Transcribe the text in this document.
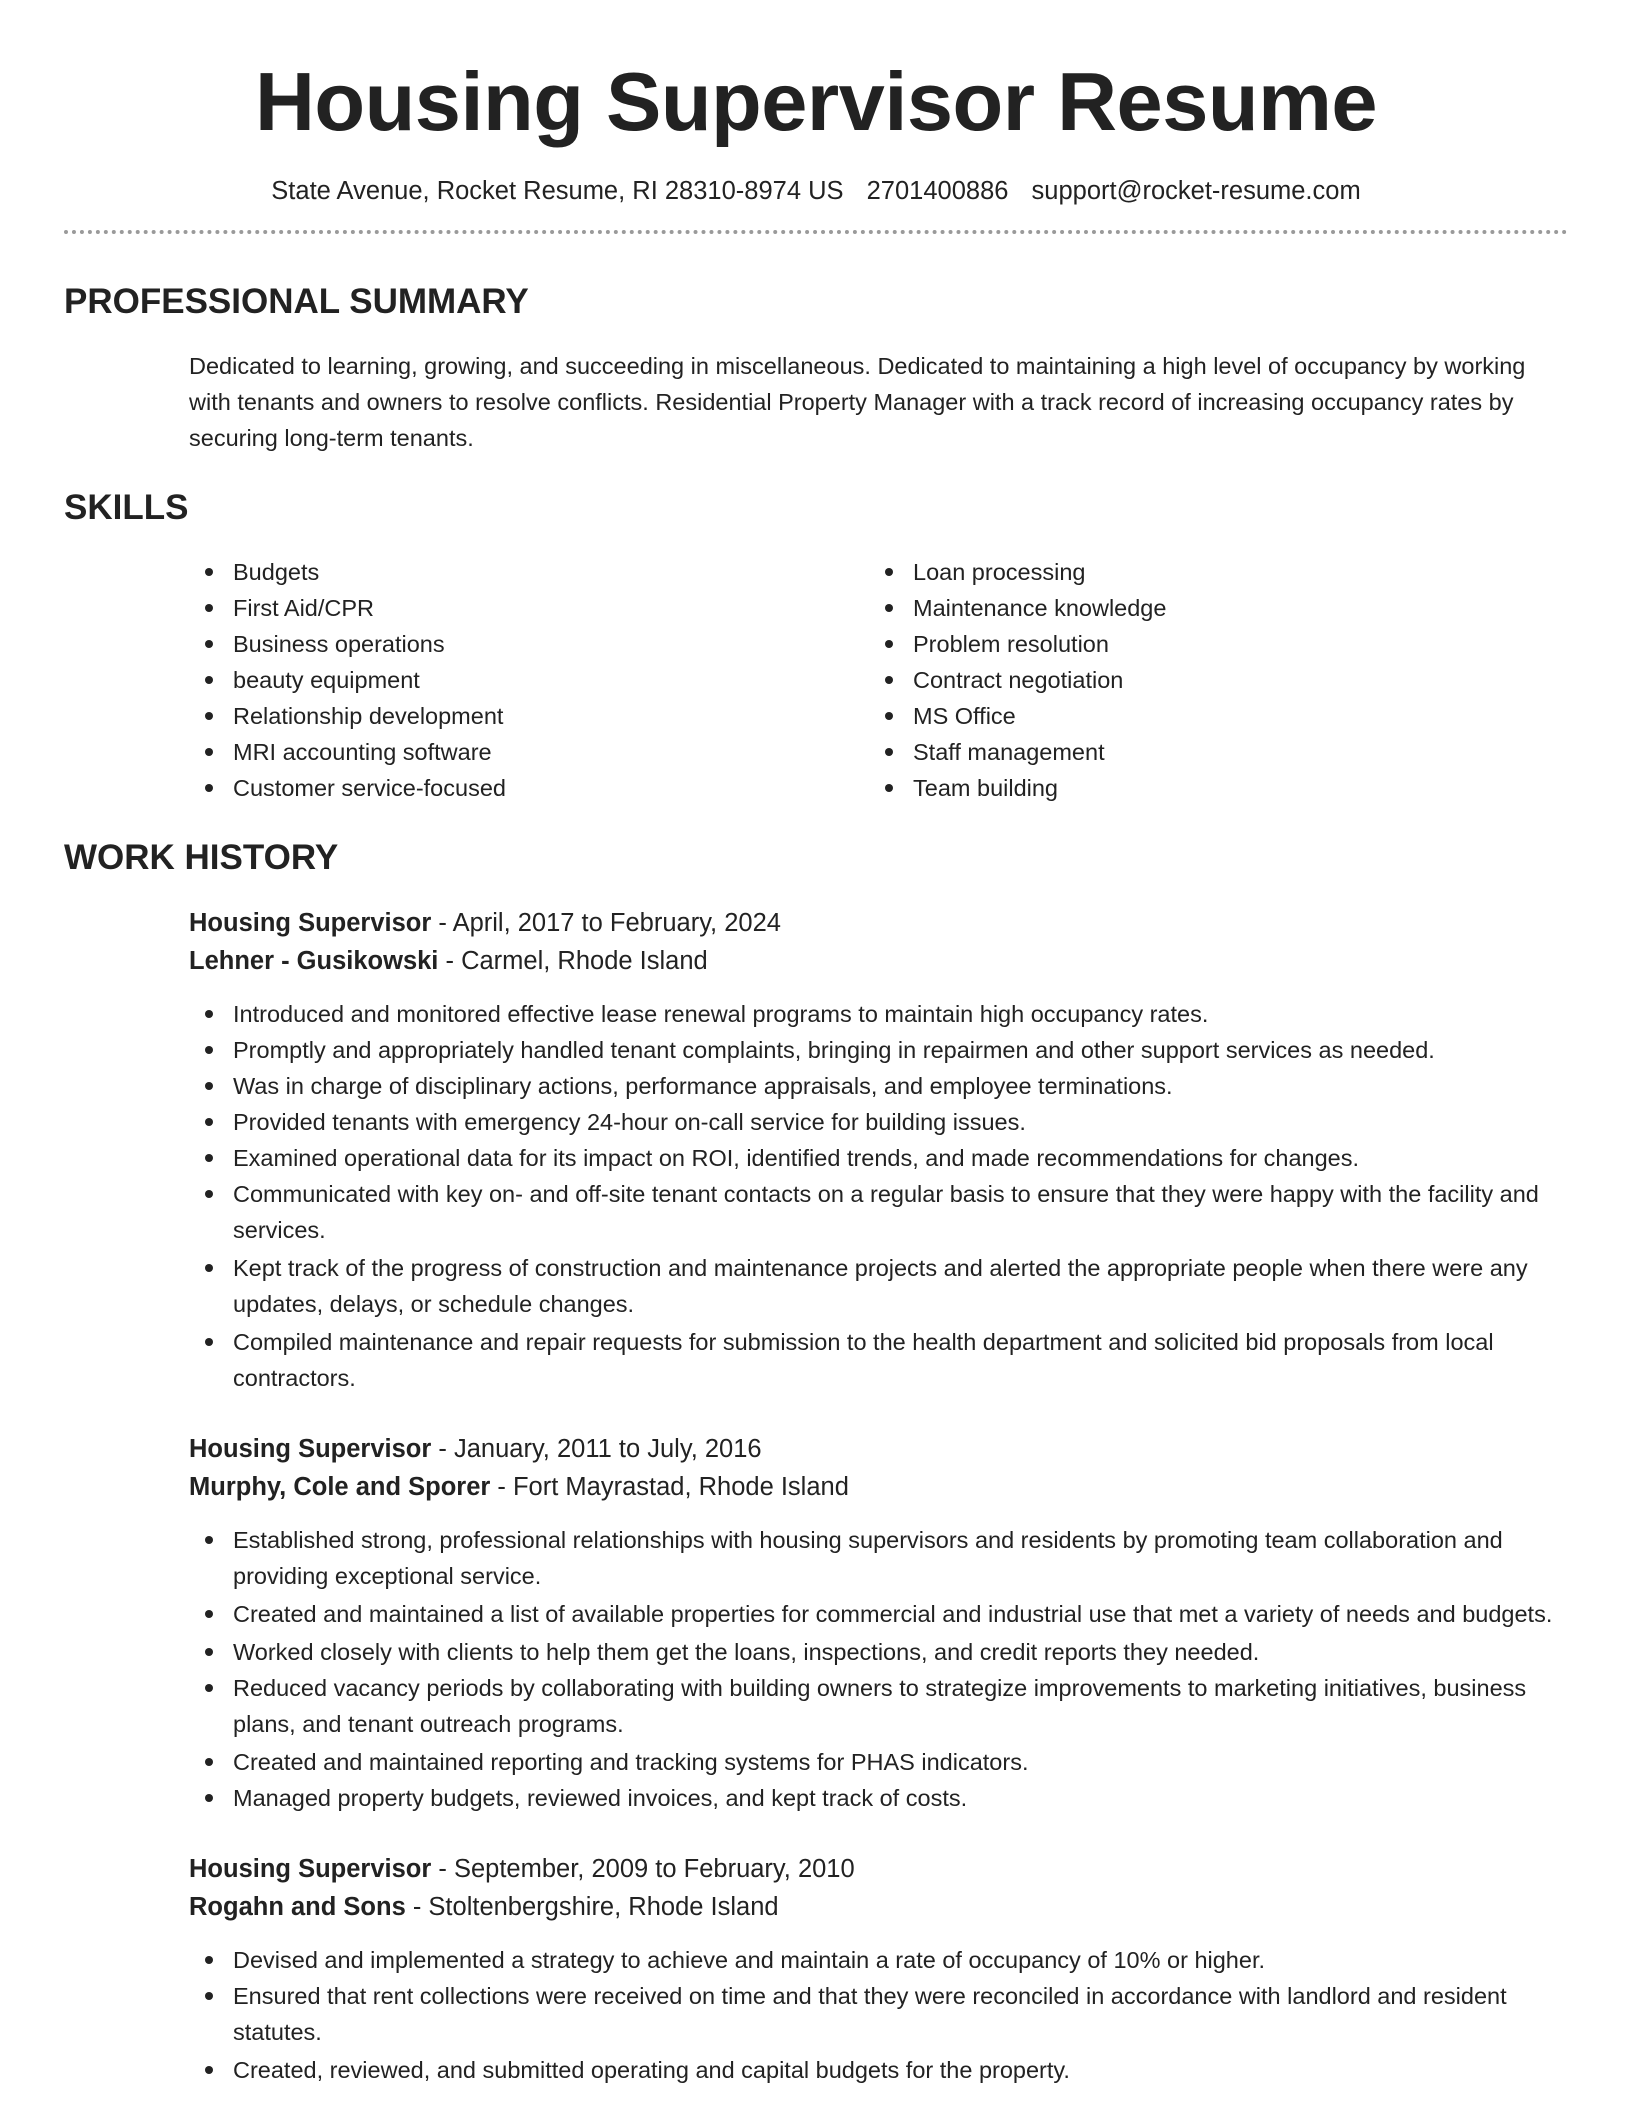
Housing Supervisor Resume
State Avenue, Rocket Resume, RI 28310-8974 US 2701400886 support@rocket-resume.com
PROFESSIONAL SUMMARY
Dedicated to learning, growing, and succeeding in miscellaneous. Dedicated to maintaining a high level of occupancy by working with tenants and owners to resolve conflicts. Residential Property Manager with a track record of increasing occupancy rates by securing long-term tenants.
SKILLS
Budgets
First Aid/CPR
Business operations
beauty equipment
Relationship development
MRI accounting software
Customer service-focused
Loan processing
Maintenance knowledge
Problem resolution
Contract negotiation
MS Office
Staff management
Team building
WORK HISTORY
Housing Supervisor - April, 2017 to February, 2024
Lehner - Gusikowski - Carmel, Rhode Island
Introduced and monitored effective lease renewal programs to maintain high occupancy rates.
Promptly and appropriately handled tenant complaints, bringing in repairmen and other support services as needed.
Was in charge of disciplinary actions, performance appraisals, and employee terminations.
Provided tenants with emergency 24-hour on-call service for building issues.
Examined operational data for its impact on ROI, identified trends, and made recommendations for changes.
Communicated with key on- and off-site tenant contacts on a regular basis to ensure that they were happy with the facility and services.
Kept track of the progress of construction and maintenance projects and alerted the appropriate people when there were any updates, delays, or schedule changes.
Compiled maintenance and repair requests for submission to the health department and solicited bid proposals from local contractors.
Housing Supervisor - January, 2011 to July, 2016
Murphy, Cole and Sporer - Fort Mayrastad, Rhode Island
Established strong, professional relationships with housing supervisors and residents by promoting team collaboration and providing exceptional service.
Created and maintained a list of available properties for commercial and industrial use that met a variety of needs and budgets.
Worked closely with clients to help them get the loans, inspections, and credit reports they needed.
Reduced vacancy periods by collaborating with building owners to strategize improvements to marketing initiatives, business plans, and tenant outreach programs.
Created and maintained reporting and tracking systems for PHAS indicators.
Managed property budgets, reviewed invoices, and kept track of costs.
Housing Supervisor - September, 2009 to February, 2010
Rogahn and Sons - Stoltenbergshire, Rhode Island
Devised and implemented a strategy to achieve and maintain a rate of occupancy of 10% or higher.
Ensured that rent collections were received on time and that they were reconciled in accordance with landlord and resident statutes.
Created, reviewed, and submitted operating and capital budgets for the property.
